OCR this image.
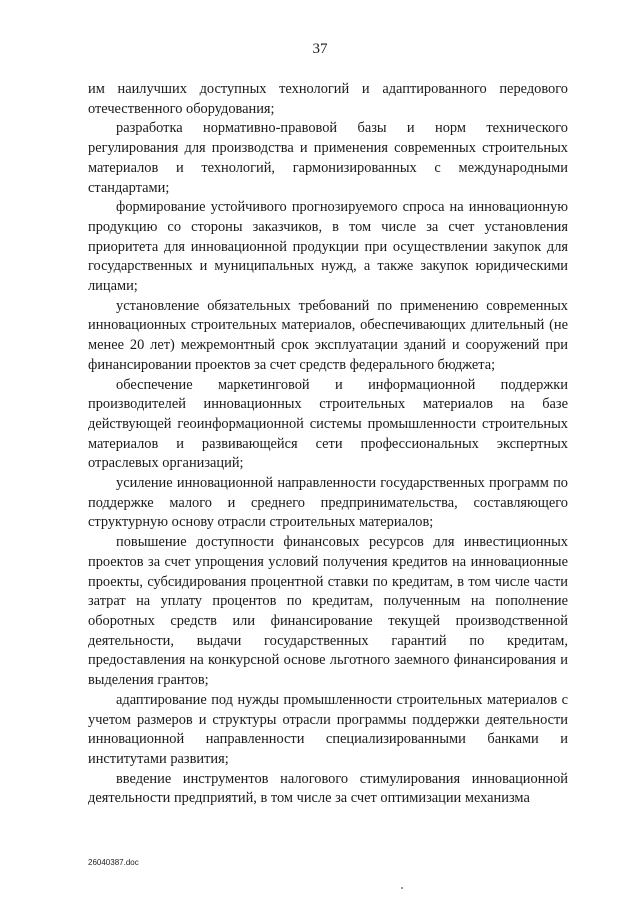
37

им наилучших доступных технологий и адаптированного передового отечественного оборудования;

разработка нормативно-правовой базы и норм технического регулирования для производства и применения современных строительных материалов и технологий, гармонизированных с международными стандартами;

формирование устойчивого прогнозируемого спроса на инновационную продукцию со стороны заказчиков, в том числе за счет установления приоритета для инновационной продукции при осуществлении закупок для государственных и муниципальных нужд, а также закупок юридическими лицами;

установление обязательных требований по применению современных инновационных строительных материалов, обеспечивающих длительный (не менее 20 лет) межремонтный срок эксплуатации зданий и сооружений при финансировании проектов за счет средств федерального бюджета;

обеспечение маркетинговой и информационной поддержки производителей инновационных строительных материалов на базе действующей геоинформационной системы промышленности строительных материалов и развивающейся сети профессиональных экспертных отраслевых организаций;

усиление инновационной направленности государственных программ по поддержке малого и среднего предпринимательства, составляющего структурную основу отрасли строительных материалов;

повышение доступности финансовых ресурсов для инвестиционных проектов за счет упрощения условий получения кредитов на инновационные проекты, субсидирования процентной ставки по кредитам, в том числе части затрат на уплату процентов по кредитам, полученным на пополнение оборотных средств или финансирование текущей производственной деятельности, выдачи государственных гарантий по кредитам, предоставления на конкурсной основе льготного заемного финансирования и выделения грантов;

адаптирование под нужды промышленности строительных материалов с учетом размеров и структуры отрасли программы поддержки деятельности инновационной направленности специализированными банками и институтами развития;

введение инструментов налогового стимулирования инновационной деятельности предприятий, в том числе за счет оптимизации механизма

26040387.doc
